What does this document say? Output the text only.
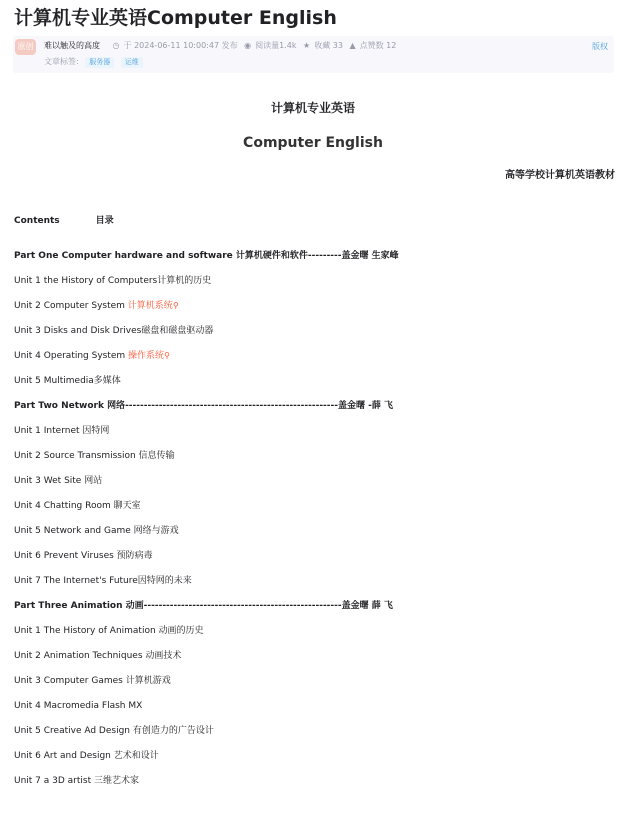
计算机专业英语Computer English
原创	难以触及的高度 ◷ 于 2024-06-11 10:00:47 发布 ◉ 阅读量1.4k ★ 收藏 33 ▲ 点赞数 12	版权
文章标签: 服务器 运维
计算机专业英语
Computer English
高等学校计算机英语教材
Contents	目录
Part One Computer hardware and software 计算机硬件和软件---------盖金曙 生家峰
Unit 1 the History of Computers计算机的历史
Unit 2 Computer System 计算机系统⚲
Unit 3 Disks and Disk Drives磁盘和磁盘驱动器
Unit 4 Operating System 操作系统⚲
Unit 5 Multimedia多媒体
Part Two Network 网络---------------------------------------------------------盖金曙 -薛 飞
Unit 1 Internet 因特网
Unit 2 Source Transmission 信息传输
Unit 3 Wet Site 网站
Unit 4 Chatting Room 聊天室
Unit 5 Network and Game 网络与游戏
Unit 6 Prevent Viruses 预防病毒
Unit 7 The Internet's Future因特网的未来
Part Three Animation 动画-----------------------------------------------------盖金曙 薛 飞
Unit 1 The History of Animation 动画的历史
Unit 2 Animation Techniques 动画技术
Unit 3 Computer Games 计算机游戏
Unit 4 Macromedia Flash MX
Unit 5 Creative Ad Design 有创造力的广告设计
Unit 6 Art and Design 艺术和设计
Unit 7 a 3D artist 三维艺术家
